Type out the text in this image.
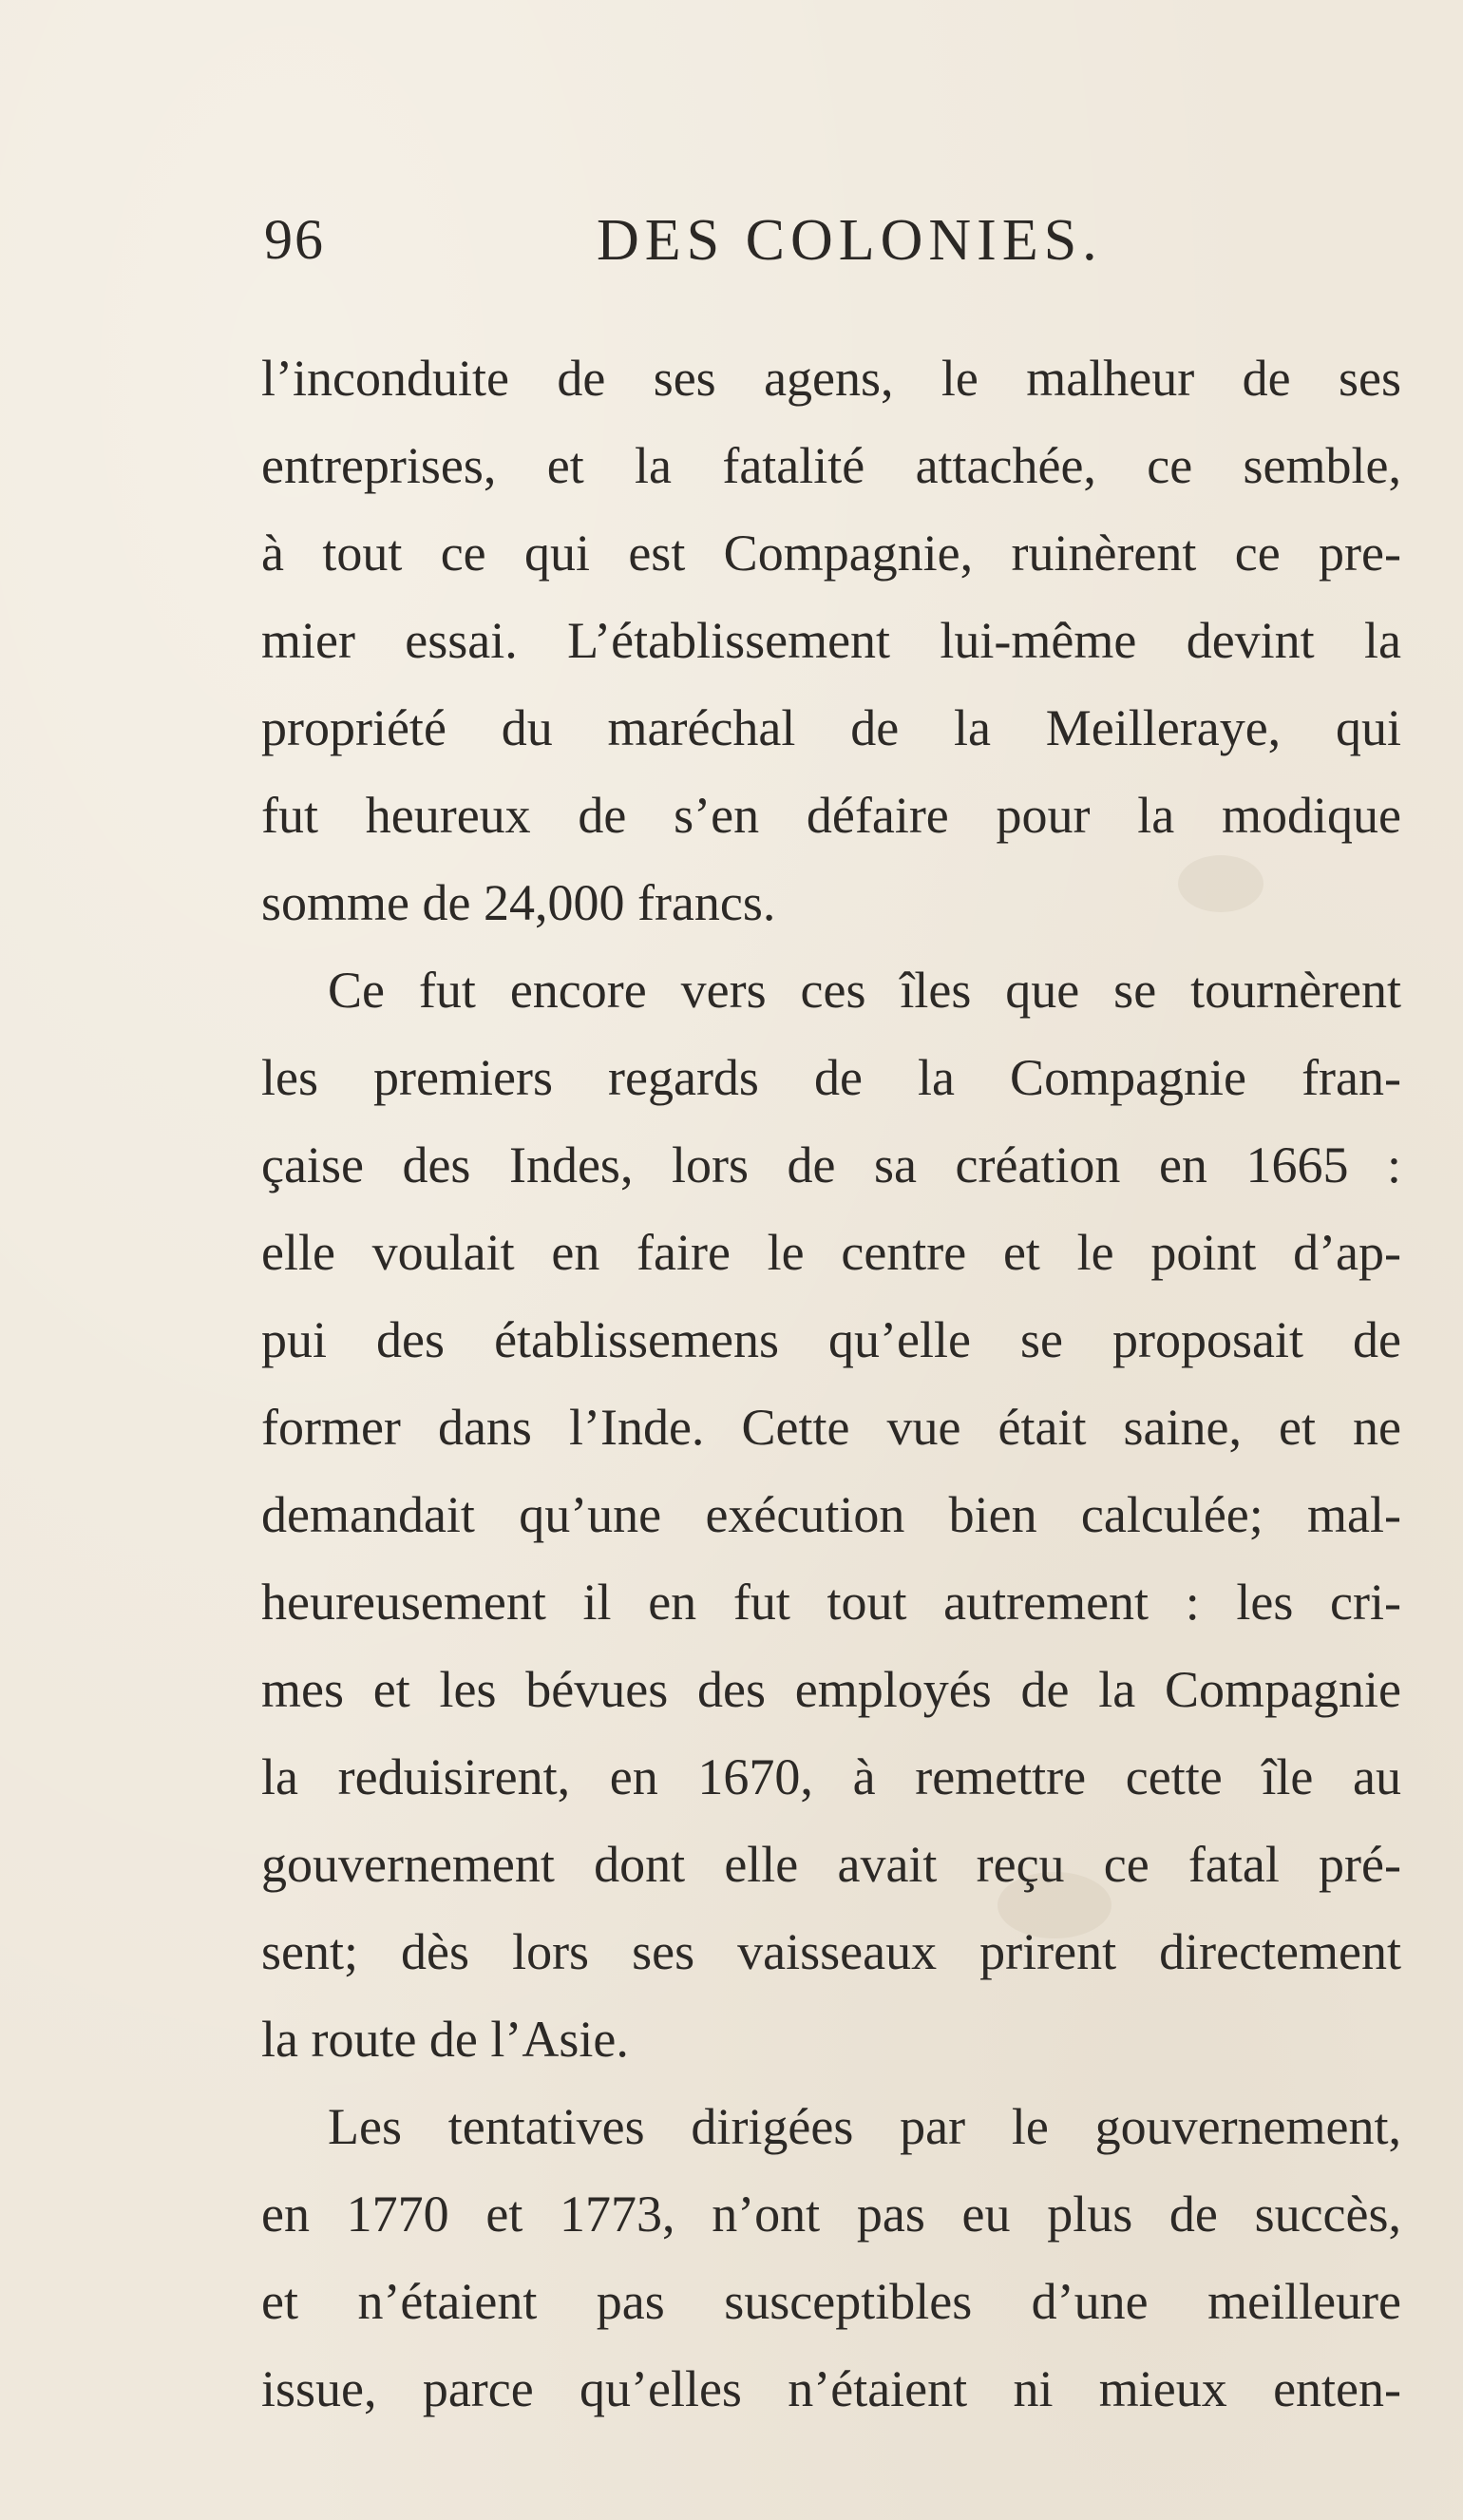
96	DES COLONIES.
l’inconduite de ses agens, le malheur de ses
entreprises, et la fatalité attachée, ce semble,
à tout ce qui est Compagnie, ruinèrent ce pre-
mier essai. L’établissement lui-même devint la
propriété du maréchal de la Meilleraye, qui
fut heureux de s’en défaire pour la modique
somme de 24,000 francs.
Ce fut encore vers ces îles que se tournèrent
les premiers regards de la Compagnie fran-
çaise des Indes, lors de sa création en 1665 :
elle voulait en faire le centre et le point d’ap-
pui des établissemens qu’elle se proposait de
former dans l’Inde. Cette vue était saine, et ne
demandait qu’une exécution bien calculée; mal-
heureusement il en fut tout autrement : les cri-
mes et les bévues des employés de la Compagnie
la reduisirent, en 1670, à remettre cette île au
gouvernement dont elle avait reçu ce fatal pré-
sent; dès lors ses vaisseaux prirent directement
la route de l’Asie.
Les tentatives dirigées par le gouvernement,
en 1770 et 1773, n’ont pas eu plus de succès,
et n’étaient pas susceptibles d’une meilleure
issue, parce qu’elles n’étaient ni mieux enten-
